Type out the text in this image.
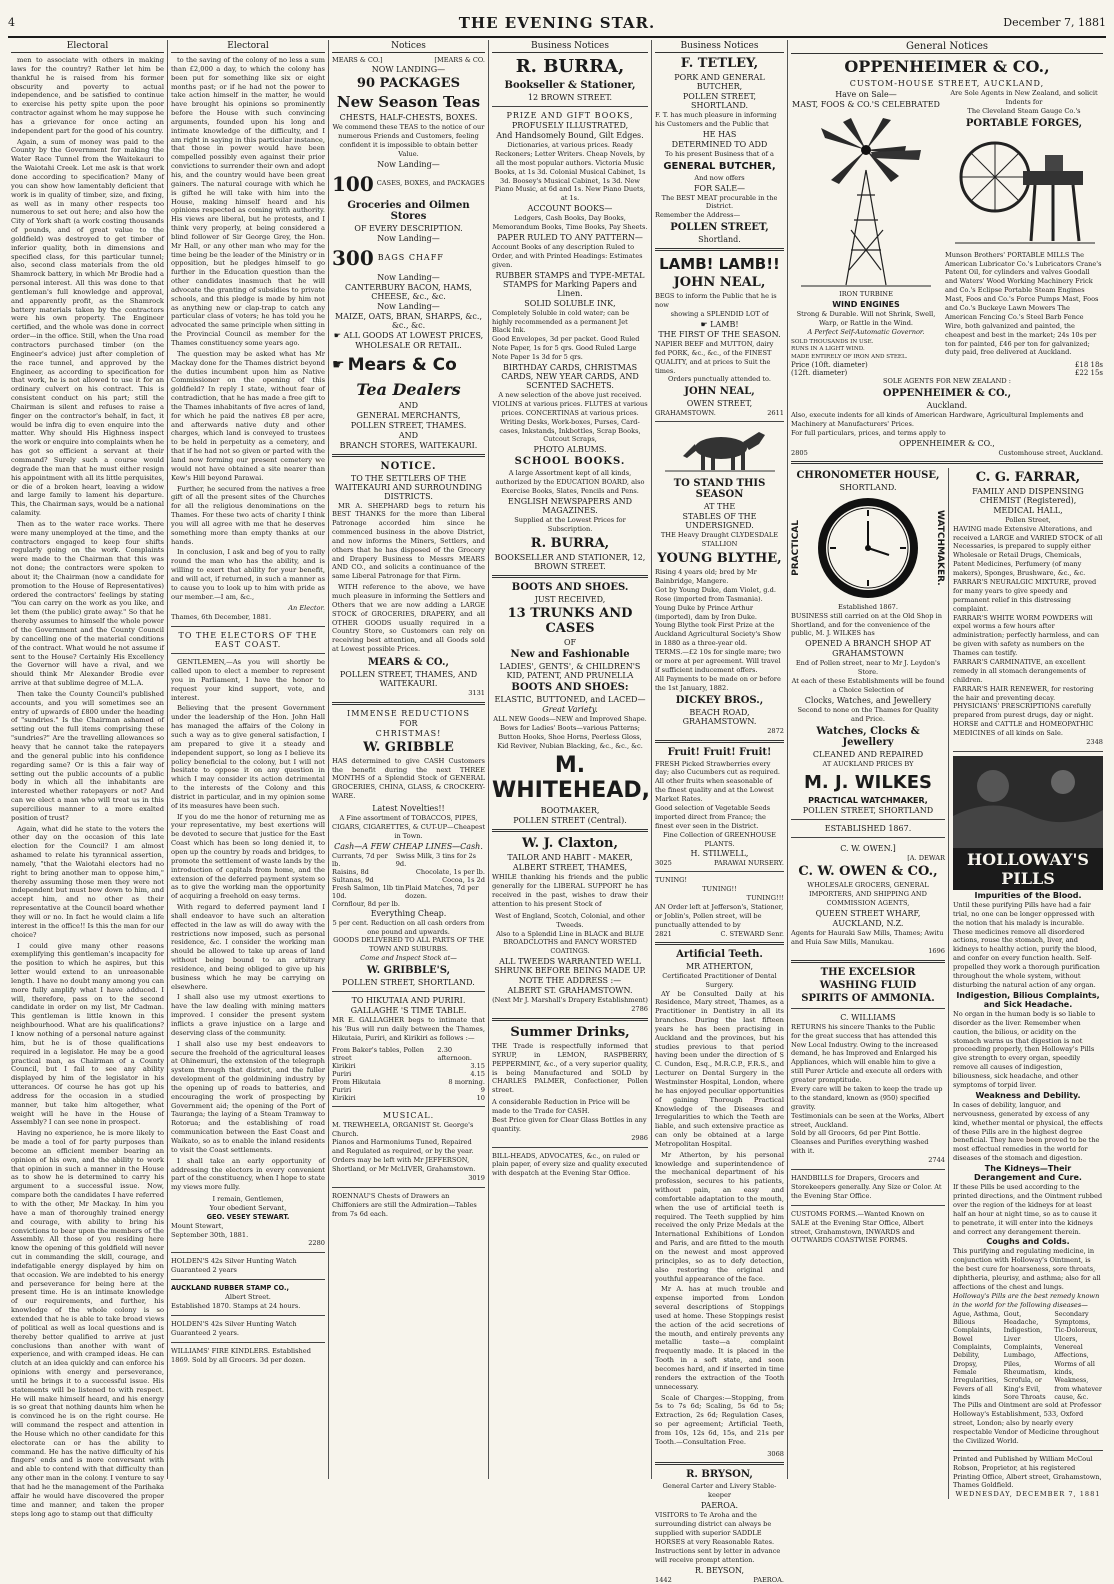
4	THE EVENING STAR.	December 7, 1881
Electoral

men to associate with others in making laws for the country? Rather let him be thankful he is raised from his former obscurity and poverty to actual independence, and be satisfied to continue to exercise his petty spite upon the poor contractor against whom he may suppose he has a grievance for once acting an independent part for the good of his country.

Again, a sum of money was paid to the County by the Government for making the Water Race Tunnel from the Waitekauri to the Waiotahi Creek. Let me ask is that work done according to specification? Many of you can show how lamentably deficient that work is in quality of timber, size, and fixing, as well as in many other respects too numerous to set out here; and also how the City of York shaft (a work costing thousands of pounds, and of great value to the goldfield) was destroyed to get timber of inferior quality, both in dimensions and specified class, for this particular tunnel; also, second class materials from the old Shamrock battery, in which Mr Brodie had a personal interest. All this was done to that gentleman's full knowledge and approval, and apparently profit, as the Shamrock battery materials taken by the contractors were his own property. The Engineer certified, and the whole was done in correct order—in the office. Still, when the Una road contractors purchased timber (on the Engineer's advice) just after completion of the race tunnel, and approved by the Engineer, as according to specification for that work, he is not allowed to use it for an ordinary culvert on his contract. This is consistent conduct on his part; still the Chairman is silent and refuses to raise a finger on the contractor's behalf, in fact, it would be infra dig to even enquire into the matter. Why should His Highness inspect the work or enquire into complaints when he has got so efficient a servant at their command? Surely such a course would degrade the man that he must either resign his appointment with all its little perquisites, or die of a broken heart, leaving a widow and large family to lament his departure. This, the Chairman says, would be a national calamity.

Then as to the water race works. There were many unemployed at the time, and the contractors engaged to keep four shifts regularly going on the work. Complaints were made to the Chairman that this was not done; the contractors were spoken to about it; the Chairman (now a candidate for promotion to the House of Representatives) ordered the contractors' feelings by stating "You can carry on the work as you like, and let them (the public) grate away." So that he thereby assumes to himself the whole power of the Government and the County Council by cancelling one of the material conditions of the contract. What would he not assume if sent to the House? Certainly His Excellency the Governor will have a rival, and we should think Mr Alexander Brodie ever arrive at that sublime degree of M.L.A.

Then take the County Council's published accounts, and you will sometimes see an entry of upwards of £800 under the heading of "sundries." Is the Chairman ashamed of setting out the full items comprising these "sundries?" Are the travelling allowances so heavy that he cannot take the ratepayers and the general public into his confidence regarding same? Or is this a fair way of setting out the public accounts of a public body in which all the inhabitants are interested whether ratepayers or not? And can we elect a man who will treat us in this supercilious manner to a more exalted position of trust?

Again, what did he state to the voters the other day on the occasion of this late election for the Council? I am almost ashamed to relate his tyrannical assertion, namely, "that the Waiotahi electors had no right to bring another man to oppose him," thereby assuming those men they were not independent but must bow down to him, and accept him, and no other as their representative at the Council board whether they will or no. In fact he would claim a life interest in the office!! Is this the man for our choice?

I could give many other reasons exemplifying this gentleman's incapacity for the position to which he aspires, but this letter would extend to an unreasonable length. I have no doubt many among you can more fully amplify what I have adduced. I will, therefore, pass on to the second candidate in order on my list, Mr Cadman. This gentleman is little known in this neighbourhood. What are his qualifications? I know nothing of a personal nature against him, but he is of those qualifications required in a legislator. He may be a good practical man, as Chairman of a County Council, but I fail to see any ability displayed by him of the legislator in his utterances. Of course he has got up his address for the occasion in a studied manner, but take him altogether, what weight will he have in the House of Assembly? I can see none in prospect.

Having no experience, he is more likely to be made a tool of for party purposes than become an efficient member bearing an opinion of his own, and the ability to work that opinion in such a manner in the House as to show he is determined to carry his argument to a successful issue. Now, compare both the candidates I have referred to with the other, Mr Mackay. In him you have a man of thoroughly trained energy and courage, with ability to bring his convictions to bear upon the members of the Assembly. All those of you residing here know the opening of this goldfield will never cut in commanding the skill, courage, and indefatigable energy displayed by him on that occasion. We are indebted to his energy and perseverance for being here at the present time. He is an intimate knowledge of our requirements, and further, his knowledge of the whole colony is so extended that he is able to take broad views of political as well as local questions and is thereby better qualified to arrive at just conclusions than another with want of experience, and with cramped ideas. He can clutch at an idea quickly and can enforce his opinions with energy and perseverance, until he brings it to a successful issue. His statements will be listened to with respect. He will make himself heard, and his energy is so great that nothing daunts him when he is convinced he is on the right course. He will command the respect and attention in the House which no other candidate for this electorate can or has the ability to command. He has the native difficulty of his fingers' ends and is more conversant with and able to contend with that difficulty than any other man in the colony. I venture to say that had he the management of the Parihaka affair he would have discovered the proper time and manner, and taken the proper steps long ago to stamp out that difficulty

Electoral

to the saving of the colony of no less a sum than £2,000 a day, to which the colony has been put for something like six or eight months past; or if he had not the power to take action himself in the matter, he would have brought his opinions so prominently before the House with such convincing arguments, founded upon his long and intimate knowledge of the difficulty, and I am right in saying in this particular instance, that those in power would have been compelled possibly even against their prior convictions to surrender their own and adopt his, and the country would have been great gainers. The natural courage with which he is gifted he will take with him into the House, making himself heard and his opinions respected as coming with authority. His views are liberal, but he protests, and I think very properly, at being considered a blind follower of Sir George Grey, the Hon. Mr Hall, or any other man who may for the time being be the leader of the Ministry or in opposition, but he pledges himself to go further in the Education question than the other candidates inasmuch that he will advocate the granting of subsidies to private schools, and this pledge is made by him not as anything new or clap-trap to catch any particular class of voters; he has told you he advocated the same principle when sitting in the Provincial Council as member for the Thames constituency some years ago.

The question may be asked what has Mr Mackay done for the Thames district beyond the duties incumbent upon him as Native Commissioner on the opening of this goldfield? In reply I state, without fear of contradiction, that he has made a free gift to the Thames inhabitants of five acres of land, for which he paid the natives £8 per acre, and afterwards native duty and other charges, which land is conveyed to trustees to be held in perpetuity as a cemetery, and that if he had not so given or parted with the land now forming our present cemetery we would not have obtained a site nearer than Kew's Hill beyond Parawai.

Further, he secured from the natives a free gift of all the present sites of the Churches for all the religious denominations on the Thames. For these two acts of charity I think you will all agree with me that he deserves something more than empty thanks at our hands.

In conclusion, I ask and beg of you to rally round the man who has the ability, and is willing to exert that ability for your benefit, and will act, if returned, in such a manner as to cause you to look up to him with pride as our member.—I am, &c.,

An Elector.
Thames, 6th December, 1881.
TO THE ELECTORS OF THE EAST COAST.

GENTLEMEN,—As you will shortly be called upon to elect a member to represent you in Parliament, I have the honor to request your kind support, vote, and interest.

Believing that the present Government under the leadership of the Hon. John Hall has managed the affairs of the Colony in such a way as to give general satisfaction, I am prepared to give it a steady and independent support, so long as I believe its policy beneficial to the colony, but I will not hesitate to oppose it on any question in which I may consider its action detrimental to the interests of the Colony and this district in particular, and in my opinion some of its measures have been such.

If you do me the honor of returning me as your representative, my best exertions will be devoted to secure that justice for the East Coast which has been so long denied it, to open up the country by roads and bridges, to promote the settlement of waste lands by the introduction of capitals from home, and the extension of the deferred payment system so as to give the working man the opportunity of acquiring a freehold on easy terms.

With regard to deferred payment land I shall endeavor to have such an alteration effected in the law as will do away with the restrictions now imposed, such as personal residence, &c. I consider the working man should be allowed to take up areas of land without being bound to an arbitrary residence, and being obliged to give up his business which he may be carrying on elsewhere.

I shall also use my utmost exertions to have the law dealing with mining matters improved. I consider the present system inflicts a grave injustice on a large and deserving class of the community.

I shall also use my best endeavors to secure the freehold of the agricultural leases at Ohinemuri, the extension of the telegraph system through that district, and the fuller development of the goldmining industry by the opening up of roads to batteries, and encouraging the work of prospecting by Government aid; the opening of the Port of Tauranga; the laying of a Steam Tramway to Rotorua; and the establishing of road communication between the East Coast and Waikato, so as to enable the inland residents to visit the Coast settlements.

I shall take an early opportunity of addressing the electors in every convenient part of the constituency, when I hope to state my views more fully.

I remain, Gentlemen,
Your obedient Servant,
GEO. VESEY STEWART.
Mount Stewart,
September 30th, 1881.
2280
HOLDEN'S 42s Silver Hunting Watch Guaranteed 2 years
AUCKLAND RUBBER STAMP CO.,
Albert Street.
Established 1870. Stamps at 24 hours.
HOLDEN'S 42s Silver Hunting Watch Guaranteed 2 years.
WILLIAMS' FIRE KINDLERS. Established 1869. Sold by all Grocers. 3d per dozen.
Notices
MEARS & CO.]	[MEARS & CO.
NOW LANDING—
90 PACKAGES
New Season Teas
CHESTS, HALF-CHESTS, BOXES.
We commend these TEAS to the notice of our numerous Friends and Customers, feeling confident it is impossible to obtain better Value.
Now Landing—
100 CASES, BOXES, and PACKAGES
Groceries and Oilmen Stores
OF EVERY DESCRIPTION.
Now Landing—
300 BAGS CHAFF
Now Landing—
CANTERBURY BACON, HAMS, CHEESE, &c., &c.
Now Landing—
MAIZE, OATS, BRAN, SHARPS, &c., &c., &c.
☛ ALL GOODS AT LOWEST PRICES,
WHOLESALE OR RETAIL.
☛ Mears & Co
Tea Dealers
AND
GENERAL MERCHANTS,
POLLEN STREET, THAMES.
AND
BRANCH STORES, WAITEKAURI.
NOTICE.
TO THE SETTLERS OF THE WAITEKAURI AND SURROUNDING DISTRICTS.

MR A. SHEPHARD begs to return his BEST THANKS for the more than Liberal Patronage accorded him since he commenced business in the above District, and now informs the Miners, Settlers, and others that he has disposed of the Grocery and Drapery Business to Messrs MEARS AND CO., and solicits a continuance of the same Liberal Patronage for that Firm.

WITH reference to the above, we have much pleasure in informing the Settlers and Others that we are now adding a LARGE STOCK of GROCERIES, DRAPERY, and all OTHER GOODS usually required in a Country Store, so Customers can rely on receiving best attention, and all Goods sold at Lowest possible Prices.

MEARS & CO.,
POLLEN STREET, THAMES, AND WAITEKAURI.
3131
IMMENSE REDUCTIONS
FOR
CHRISTMAS!
W. GRIBBLE
HAS determined to give CASH Customers the benefit during the next THREE MONTHS of a Splendid Stock of GENERAL GROCERIES, CHINA, GLASS, & CROCKERY-WARE.
Latest Novelties!!
A Fine assortment of TOBACCOS, PIPES, CIGARS, CIGARETTES, & CUT-UP—Cheapest in Town.
Cash—A FEW CHEAP LINES—Cash.
Currants, 7d per lb.
Swiss Milk, 3 tins for 2s 9d.
Raisins, 8d	Chocolate, 1s per lb.
Sultanas, 9d	Cocoa, 1s 2d
Fresh Salmon, 1lb tin 10d.
Plaid Matches, 7d per dozen.
Cornflour, 8d per lb.
Everything Cheap.
5 per cent. Reduction on all cash orders from one pound and upwards.
GOODS DELIVERED TO ALL PARTS OF THE TOWN AND SUBURBS.
Come and Inspect Stock at—
W. GRIBBLE'S,
POLLEN STREET, SHORTLAND.
TO HIKUTAIA AND PURIRI.
GALLAGHE 'S TIME TABLE.
MR E. GALLAGHER begs to intimate that his 'Bus will run daily between the Thames, Hikutaia, Puriri, and Kirikiri as follows :—
From Baker's tables, Pollen street
2.30 afternoon.
Kirikiri	3.15
Puriri	4.15
From Hikutaia	8 morning.
Puriri	9
Kirikiri	10
MUSICAL.
M. TREWHEELA, ORGANIST St. George's Church.
Pianos and Harmoniums Tuned, Repaired and Regulated as required, or by the year.
Orders may be left with Mr JEFFERSON, Shortland, or Mr McLIVER, Grahamstown.
3019
ROENNAU'S Chests of Drawers an Chiffoniers are still the Admiration—Tables from 7s 6d each.
Business Notices
R. BURRA,
Bookseller & Stationer,
12 BROWN STREET.
PRIZE AND GIFT BOOKS,
PROFUSELY ILLUSTRATED,
And Handsomely Bound, Gilt Edges.
Dictionaries, at various prices. Ready Reckoners; Letter Writers. Cheap Novels, by all the most popular authors. Victoria Music Books, at 1s 3d. Colonial Musical Cabinet, 1s 3d. Boosey's Musical Cabinet, 1s 3d. New Piano Music, at 6d and 1s. New Piano Duets, at 1s.
ACCOUNT BOOKS—
Ledgers, Cash Books, Day Books, Memorandum Books, Time Books, Pay Sheets.
PAPER RULED TO ANY PATTERN—
Account Books of any description Ruled to Order, and with Printed Headings: Estimates given.
RUBBER STAMPS and TYPE-METAL STAMPS for Marking Papers and Linen.
SOLID SOLUBLE INK,
Completely Soluble in cold water; can be highly recommended as a permanent Jet Black Ink.
Good Envelopes, 3d per packet. Good Ruled Note Paper, 1s for 5 qrs. Good Ruled Large Note Paper 1s 3d for 5 qrs.
BIRTHDAY CARDS, CHRISTMAS CARDS, NEW YEAR CARDS, AND SCENTED SACHETS.
A new selection of the above just received.
VIOLINS at various prices. FLUTES at various prices. CONCERTINAS at various prices.
Writing Desks, Work-boxes, Purses, Card-cases, Inkstands, Inkbottles, Scrap Books, Cutcout Scraps,
PHOTO ALBUMS.
SCHOOL BOOKS.
A large Assortment kept of all kinds, authorized by the EDUCATION BOARD, also Exercise Books, Slates, Pencils and Pens.
ENGLISH NEWSPAPERS AND MAGAZINES.
Supplied at the Lowest Prices for Subscription.
R. BURRA,
BOOKSELLER AND STATIONER, 12, BROWN STREET.
BOOTS AND SHOES.
JUST RECEIVED,
13 TRUNKS AND CASES
OF
New and Fashionable
LADIES', GENTS', & CHILDREN'S KID, PATENT, AND PRUNELLA
BOOTS AND SHOES:
ELASTIC, BUTTONED, and LACED—
Great Variety.
ALL NEW Goods—NEW and Improved Shape.
Bows for Ladies' Boots—various Patterns; Button Hooks, Shoe Horns, Peerless Gloss, Kid Reviver, Nubian Blacking, &c., &c., &c.
M. WHITEHEAD,
BOOTMAKER,
POLLEN STREET (Central).
W. J. Claxton,
TAILOR AND HABIT - MAKER,
ALBERT STREET, THAMES,
WHILE thanking his friends and the public generally for the LIBERAL SUPPORT he has received in the past, wishes to draw their attention to his present Stock of
West of England, Scotch, Colonial, and other Tweeds.
Also to a Splendid Line in BLACK and BLUE BROADCLOTHS and FANCY WORSTED COATINGS.
ALL TWEEDS WARRANTED WELL SHRUNK BEFORE BEING MADE UP.
NOTE THE ADDRESS :—
ALBERT ST. GRAHAMSTOWN.
(Next Mr J. Marshall's Drapery Establishment)
2786
Summer Drinks,
THE Trade is respectfully informed that SYRUP, in LEMON, RASPBERRY, PEPPERMINT, &c., of a very superior quality, is being Manufactured and SOLD by CHARLES PALMER, Confectioner, Pollen street.
A considerable Reduction in Price will be made to the Trade for CASH.
Best Price given for Clear Glass Bottles in any quantity.
2986
BILL-HEADS, ADVOCATES, &c., on ruled or plain paper, of every size and quality executed with despatch at the Evening Star Office.
Business Notices
F. TETLEY,
PORK AND GENERAL BUTCHER,
POLLEN STREET, SHORTLAND.
F. T. has much pleasure in informing his Customers and the Public that
HE HAS
DETERMINED TO ADD
To his present Business that of a
GENERAL BUTCHER,
And now offers
FOR SALE—
The BEST MEAT procurable in the District.
Remember the Address—
POLLEN STREET,
Shortland.
LAMB! LAMB!!
JOHN NEAL,
BEGS to inform the Public that he is now
showing a SPLENDID LOT of
☛ LAMB!
THE FIRST OF THE SEASON.
NAPIER BEEF and MUTTON, dairy fed PORK, &c., &c., of the FINEST QUALITY, and at prices to Suit the times.
Orders punctually attended to.
JOHN NEAL,
OWEN STREET,
GRAHAMSTOWN.	2611
TO STAND THIS SEASON
AT THE
STABLES OF THE UNDERSIGNED.
THE Heavy Draught CLYDESDALE STALLION
YOUNG BLYTHE,
Rising 4 years old; bred by Mr Bainbridge, Mangere.
Got by Young Duke, dam Violet, g.d. Rose (imported from Tasmania). Young Duke by Prince Arthur (imported), dam by Iron Duke.
Young Blythe took First Prize at the Auckland Agricultural Society's Show in 1880 as a three-year old.
TERMS.—£2 10s for single mare; two or more at per agreement. Will travel if sufficient inducement offers.
All Payments to be made on or before the 1st January, 1882.
DICKEY BROS.,
BEACH ROAD, GRAHAMSTOWN.
2872
Fruit! Fruit! Fruit!
FRESH Picked Strawberries every day; also Cucumbers cut as required. All other fruits when seasonable of the finest quality and at the Lowest Market Rates.
Good selection of Vegetable Seeds imported direct from France; the finest ever seen in the District.
Fine Collection of GREENHOUSE PLANTS.
H. STILWELL,
3025	PARAWAI NURSERY.
TUNING!
TUNING!!
TUNING!!!
AN Order left at Jefferson's, Stationer, or Joblin's, Pollen street, will be punctually attended to by
2821	C. STEWARD Senr.
Artificial Teeth.
MR ATHERTON,
Certificated Practitioner of Dental Surgery.

AY be Consulted Daily at his Residence, Mary street, Thames, as a Practitioner in Dentistry in all its branches. During the last fifteen years he has been practising in Auckland and the provinces, but his studies previous to that period having been under the direction of S C. Cundon, Esq., M.R.C.P., F.R.S., and Lecturer on Dental Surgery in the Westminster Hospital, London, where he has enjoyed peculiar opportunities of gaining Thorough Practical Knowledge of the Diseases and Irregularities to which the Teeth are liable, and such extensive practice as can only be obtained at a large Metropolitan Hospital.

Mr Atherton, by his personal knowledge and superintendence of the mechanical department of his profession, secures to his patients, without pain, an easy and comfortable adaptation to the mouth, when the use of artificial teeth is required. The Teeth supplied by him received the only Prize Medals at the International Exhibitions of London and Paris, and are fitted to the mouth on the newest and most approved principles, so as to defy detection, also restoring the original and youthful appearance of the face.

Mr A. has at much trouble and expense imported from London several descriptions of Stoppings used at home. These Stoppings resist the action of the acid secretions of the mouth, and entirely prevents any metallic taste—a complaint frequently made. It is placed in the Tooth in a soft state, and soon becomes hard, and if inserted in time renders the extraction of the Tooth unnecessary.

Scale of Charges:—Stopping, from 5s to 7s 6d; Scaling, 5s 6d to 5s; Extraction, 2s 6d; Regulation Cases, so per agreement; Artificial Teeth, from 10s, 12s 6d, 15s, and 21s per Tooth.—Consultation Free.

3068
R. BRYSON,
General Carter and Livery Stable-keeper
PAEROA.
VISITORS to Te Aroha and the surrounding district can always be supplied with superior SADDLE HORSES at very Reasonable Rates. Instructions sent by letter in advance will receive prompt attention.
R. BEYSON,
1442	PAEROA.
General Notices
OPPENHEIMER & CO.,
CUSTOM-HOUSE STREET, AUCKLAND,
Have on Sale—
MAST, FOOS & CO.'S CELEBRATED
IRON TURBINE
WIND ENGINES
Strong & Durable. Will not Shrink, Swell, Warp, or Rattle in the Wind.
A Perfect Self-Automatic Governor.
SOLD THOUSANDS IN USE.
RUNS IN A LIGHT WIND.
MADE ENTIRELY OF IRON AND STEEL.
Are Sole Agents in New Zealand, and solicit Indents for
The Cleveland Steam Gauge Co.'s
PORTABLE FORGES,
Munson Brothers' PORTABLE MILLS The American Lubricator Co.'s Lubricators Crane's Patent Oil, for cylinders and valves Goodall and Waters' Wood Working Machinery Frick and Co.'s Eclipse Portable Steam Engines Mast, Foos and Co.'s Force Pumps Mast, Foos and Co.'s Buckeye Lawn Mowers The American Fencing Co.'s Steel Barb Fence Wire, both galvanized and painted, the cheapest and best in the market; 24s 10s per ton for painted, £46 per ton for galvanized; duty paid, free delivered at Auckland.
Price (10ft. diameter)	£18 18s
(12ft. diameter)	£22 15s
SOLE AGENTS FOR NEW ZEALAND :
OPPENHEIMER & CO.,
Auckland.
Also, execute indents for all kinds of American Hardware, Agricultural Implements and Machinery at Manufacturers' Prices.
For full particulars, prices, and terms apply to
OPPENHEIMER & CO.,
2805	Customhouse street, Auckland.
CHRONOMETER HOUSE,
SHORTLAND.
PRACTICAL	WATCHMAKER.
Established 1867.
BUSINESS still carried on at the Old Shop in Shortland, and for the convenience of the public, M. J. WILKES has
OPENED A BRANCH SHOP AT
GRAHAMSTOWN
End of Pollen street, near to Mr J. Leydon's Store.
At each of these Establishments will be found a Choice Selection of
Clocks, Watches, and Jewellery
Second to none on the Thames for Quality and Price.
Watches, Clocks & Jewellery
CLEANED AND REPAIRED
AT AUCKLAND PRICES BY
M. J. WILKES
PRACTICAL WATCHMAKER,
POLLEN STREET, SHORTLAND
ESTABLISHED 1867.
C. W. OWEN.]
[A. DEWAR
C. W. OWEN & CO.,
WHOLESALE GROCERS, GENERAL IMPORTERS, AND SHIPPING AND COMMISSION AGENTS,
QUEEN STREET WHARF,
AUCKLAND, N.Z.
Agents for Hauraki Saw Mills, Thames; Awitu and Huia Saw Mills, Manukau.
1696
THE EXCELSIOR
WASHING FLUID
SPIRITS OF AMMONIA.
C. WILLIAMS
RETURNS his sincere Thanks to the Public for the great success that has attended this New Local Industry. Owing to the increased demand, he has Improved and Enlarged his Appliances, which will enable him to give a still Purer Article and execute all orders with greater promptitude.
Every care will be taken to keep the trade up to the standard, known as (950) specified gravity.
Testimonials can be seen at the Works, Albert street, Auckland.
Sold by all Grocers, 6d per Pint Bottle.
Cleanses and Purifies everything washed with it.
2744
HANDBILLS for Drapers, Grocers and Storekeepers generally. Any Size or Color. At the Evening Star Office.
CUSTOMS FORMS.—Wanted Known on SALE at the Evening Star Office, Albert street, Grahamstown, INWARDS and OUTWARDS COASTWISE FORMS.
C. G. FARRAR,
FAMILY AND DISPENSING CHEMIST (Registered),
MEDICAL HALL,
Pollen Street,
HAVING made Extensive Alterations, and received a LARGE and VARIED STOCK of all Necessaries, is prepared to supply either Wholesale or Retail Drugs, Chemicals, Patent Medicines, Perfumery (of many makers), Sponges, Brushware, &c., &c.
FARRAR'S NEURALGIC MIXTURE, proved for many years to give speedy and permanent relief in this distressing complaint.
FARRAR'S WHITE WORM POWDERS will expel worms a few hours after administration; perfectly harmless, and can be given with safety as numbers on the Thames can testify.
FARRAR'S CARMINATIVE, an excellent remedy in all stomach derangements of children.
FARRAR'S HAIR RENEWER, for restoring the hair and preventing decay.
PHYSICIANS' PRESCRIPTIONS carefully prepared from purest drugs, day or night.
HORSE and CATTLE and HOMEOPATHIC MEDICINES of all kinds on Sale.
2348
HOLLOWAY'S PILLS
Impurities of the Blood.
Until these purifying Pills have had a fair trial, no one can be longer oppressed with the notion that his malady is incurable. These medicines remove all disordered actions, rouse the stomach, liver, and kidneys to healthy action, purify the blood, and confer on every function health. Self-propelled they work a thorough purification throughout the whole system, without disturbing the natural action of any organ.
Indigestion, Bilious Complaints, and Sick Headache.
No organ in the human body is so liable to disorder as the liver. Remember when caution, the bilious, or acidity on the stomach warns us that digestion is not proceeding properly, then Holloway's Pills give strength to every organ, speedily remove all causes of indigestion, biliousness, sick headache, and other symptoms of torpid liver.
Weakness and Debility.
In cases of debility, languor, and nervousness, generated by excess of any kind, whether mental or physical, the effects of these Pills are in the highest degree beneficial. They have been proved to be the most effectual remedies in the world for diseases of the stomach and digestion.
The Kidneys—Their Derangement and Cure.
If these Pills be used according to the printed directions, and the Ointment rubbed over the region of the kidneys for at least half an hour at night time, so as to cause it to penetrate, it will enter into the kidneys and correct any derangement therein.
Coughs and Colds.
This purifying and regulating medicine, in conjunction with Holloway's Ointment, is the best cure for hoarseness, sore throats, diphtheria, pleurisy, and asthma; also for all affections of the chest and lungs.
Holloway's Pills are the best remedy known in the world for the following diseases—
Ague, Asthma, Bilious Complaints, Bowel Complaints, Debility, Dropsy, Female Irregularities, Fevers of all kinds
Gout, Headache, Indigestion, Liver Complaints, Lumbago, Piles, Rheumatism, Scrofula, or King's Evil, Sore Throats
Secondary Symptoms, Tic-Doloreux, Ulcers, Venereal Affections, Worms of all kinds, Weakness, from whatever cause, &c.
The Pills and Ointment are sold at Professor Holloway's Establishment, 533, Oxford street, London; also by nearly every respectable Vendor of Medicine throughout the Civilized World.
Printed and Published by William McCoul Robson, Proprietor, at his registered Printing Office, Albert street, Grahamstown, Thames Goldfield.
WEDNESDAY, DECEMBER 7, 1881
